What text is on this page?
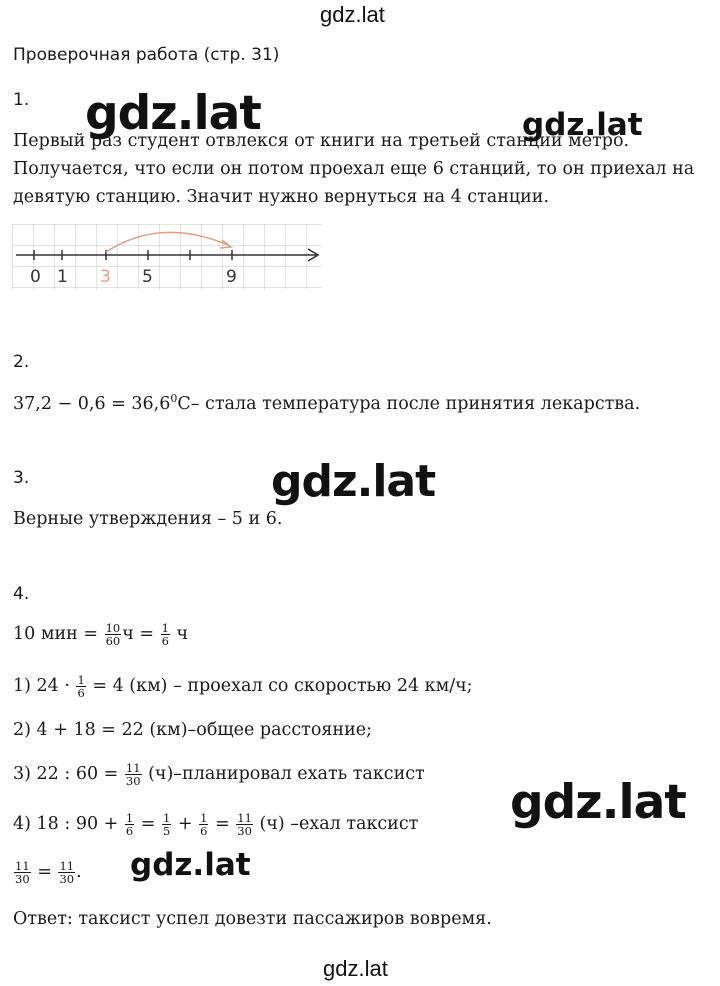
gdz.lat
Проверочная работа (стр. 31)
1.
Первый раз студент отвлекся от книги на третьей станции метро.
Получается, что если он потом проехал еще 6 станций, то он приехал на
девятую станцию. Значит нужно вернуться на 4 станции.
0 1 3 5	9
2.
$37,2 - 0,6 = 36,6^0C-$ стала температура после принятия лекарства.
3.
Верные утверждения – 5 и 6.
4.
10 мин = $\frac{10}{60}$ $ч = \frac{1}{6}$ ч
1) $24 \cdot \frac{1}{6} = 4$ (км) – проехал со скоростью 24 км/ч;
2) 4 + 18 = 22 (км)–общее расстояние;
3) 22 : $60 = \frac{11}{30}$ (ч)–планировал ехать таксист
4) 18 : $90 + \frac{1}{6} = \frac{1}{5} + \frac{1}{6} = \frac{11}{30} (ч)$ –ехал таксист
$\frac{11}{30} = \frac{11}{30}$ .
Ответ: таксист успел довезти пассажиров вовремя.
gdz.lat	gdz.lat
gdz.lat
gdz.lat
gdz.lat
gdz.lat
